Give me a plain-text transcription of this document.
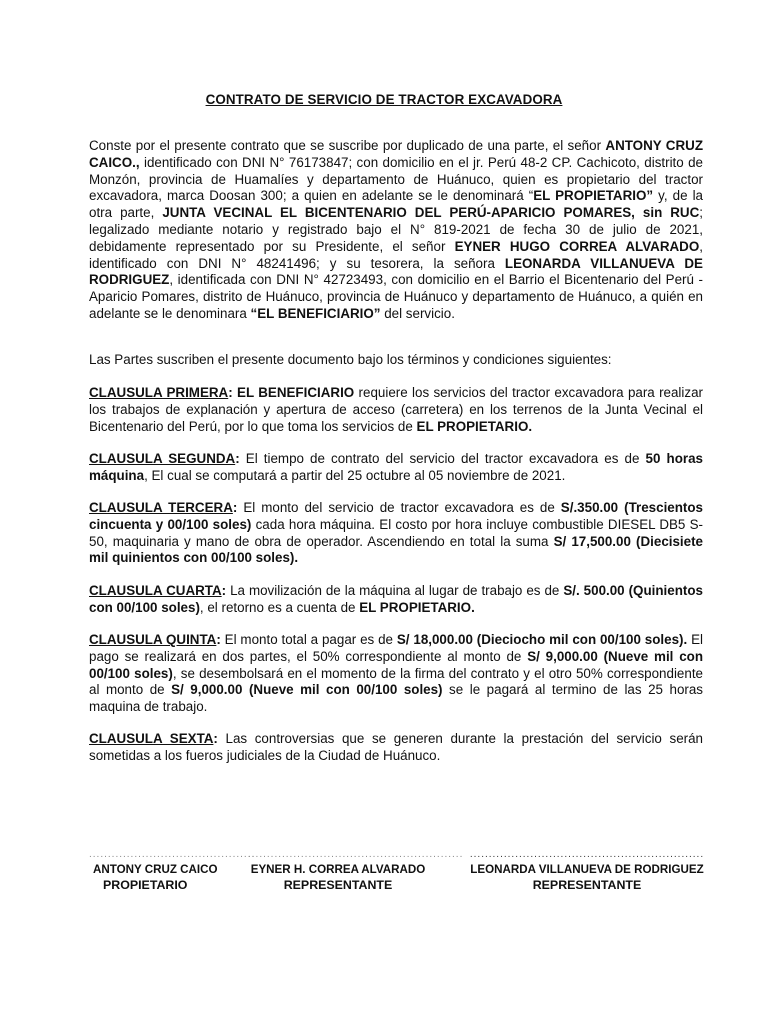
CONTRATO DE SERVICIO DE TRACTOR EXCAVADORA
Conste por el presente contrato que se suscribe por duplicado de una parte, el señor ANTONY CRUZ CAICO., identificado con DNI N° 76173847; con domicilio en el jr. Perú 48-2 CP. Cachicoto, distrito de Monzón, provincia de Huamalíes y departamento de Huánuco, quien es propietario del tractor excavadora, marca Doosan 300; a quien en adelante se le denominará “EL PROPIETARIO” y, de la otra parte, JUNTA VECINAL EL BICENTENARIO DEL PERÚ-APARICIO POMARES, sin RUC; legalizado mediante notario y registrado bajo el N° 819-2021 de fecha 30 de julio de 2021, debidamente representado por su Presidente, el señor EYNER HUGO CORREA ALVARADO, identificado con DNI N° 48241496; y su tesorera, la señora LEONARDA VILLANUEVA DE RODRIGUEZ, identificada con DNI N° 42723493, con domicilio en el Barrio el Bicentenario del Perú - Aparicio Pomares, distrito de Huánuco, provincia de Huánuco y departamento de Huánuco, a quién en adelante se le denominara “EL BENEFICIARIO” del servicio.
Las Partes suscriben el presente documento bajo los términos y condiciones siguientes:
CLAUSULA PRIMERA: EL BENEFICIARIO requiere los servicios del tractor excavadora para realizar los trabajos de explanación y apertura de acceso (carretera) en los terrenos de la Junta Vecinal el Bicentenario del Perú, por lo que toma los servicios de EL PROPIETARIO.
CLAUSULA SEGUNDA: El tiempo de contrato del servicio del tractor excavadora es de 50 horas máquina, El cual se computará a partir del 25 octubre al 05 noviembre de 2021.
CLAUSULA TERCERA: El monto del servicio de tractor excavadora es de S/.350.00 (Trescientos cincuenta y 00/100 soles) cada hora máquina. El costo por hora incluye combustible DIESEL DB5 S-50, maquinaria y mano de obra de operador. Ascendiendo en total la suma S/ 17,500.00 (Diecisiete mil quinientos con 00/100 soles).
CLAUSULA CUARTA: La movilización de la máquina al lugar de trabajo es de S/. 500.00 (Quinientos con 00/100 soles), el retorno es a cuenta de EL PROPIETARIO.
CLAUSULA QUINTA: El monto total a pagar es de S/ 18,000.00 (Dieciocho mil con 00/100 soles). El pago se realizará en dos partes, el 50% correspondiente al monto de S/ 9,000.00 (Nueve mil con 00/100 soles), se desembolsará en el momento de la firma del contrato y el otro 50% correspondiente al monto de S/ 9,000.00 (Nueve mil con 00/100 soles) se le pagará al termino de las 25 horas maquina de trabajo.
CLAUSULA SEXTA: Las controversias que se generen durante la prestación del servicio serán sometidas a los fueros judiciales de la Ciudad de Huánuco.
............................................
ANTONY CRUZ CAICO
PROPIETARIO
.........................................................
EYNER H. CORREA ALVARADO
REPRESENTANTE
..............................................................
LEONARDA VILLANUEVA DE RODRIGUEZ
REPRESENTANTE
